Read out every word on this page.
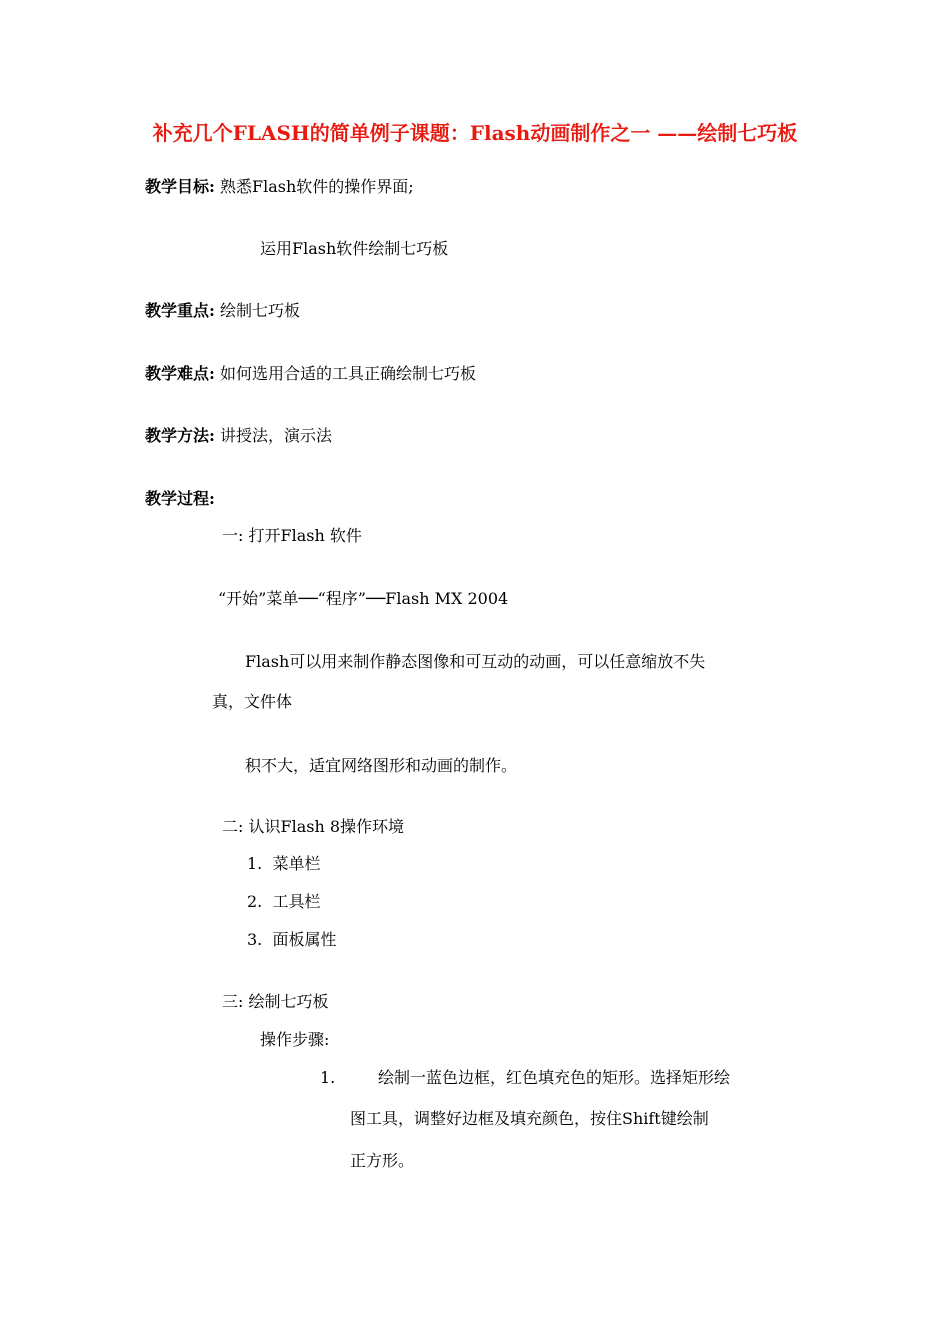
补充几个FLASH的简单例子课题：Flash动画制作之一 ——绘制七巧板
教学目标: 熟悉Flash软件的操作界面;
运用Flash软件绘制七巧板
教学重点: 绘制七巧板
教学难点: 如何选用合适的工具正确绘制七巧板
教学方法: 讲授法，演示法
教学过程:
一: 打开Flash 软件
“开始”菜单──“程序”──Flash MX 2004
Flash可以用来制作静态图像和可互动的动画，可以任意缩放不失
真，文件体
积不大，适宜网络图形和动画的制作。
二: 认识Flash 8操作环境
1.  菜单栏
2.  工具栏
3.  面板属性
三: 绘制七巧板
操作步骤:
1.	绘制一蓝色边框，红色填充色的矩形。选择矩形绘
图工具，调整好边框及填充颜色，按住Shift键绘制
正方形。
